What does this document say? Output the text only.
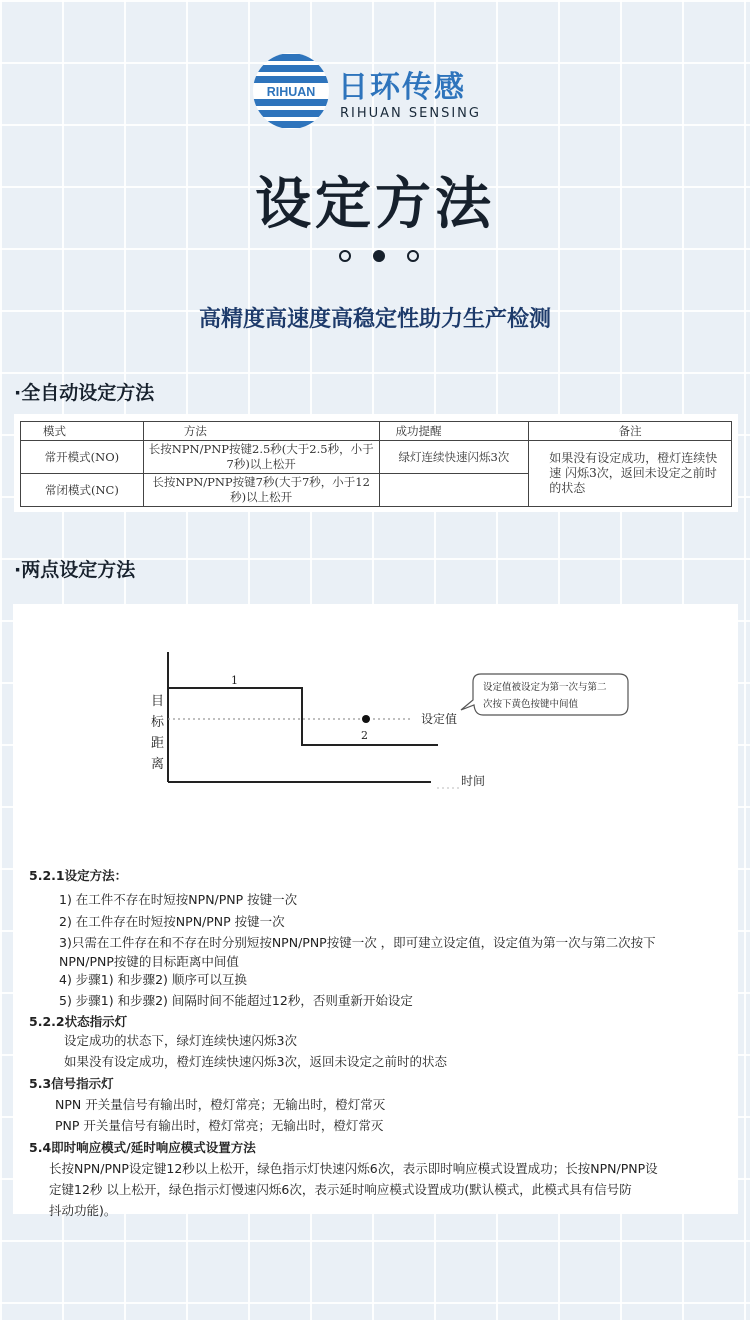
RIHUAN 日环传感
RIHUAN SENSING
设定方法
高精度高速度高稳定性助力生产检测
·全自动设定方法
模式	方法	成功提醒	备注
常开模式(NO)	长按NPN/PNP按键2.5秒(大于2.5秒，小于7秒)以上松开	绿灯连续快速闪烁3次	如果没有设定成功，橙灯连续快速 闪烁3次，返回未设定之前时的状态
常闭模式(NC)	长按NPN/PNP按键7秒(大于7秒，小于12秒)以上松开		
·两点设定方法
目
标
距
离
1
2
设定值
时间
设定值被设定为第一次与第二
次按下黄色按键中间值
5.2.1设定方法：
1) 在工件不存在时短按NPN/PNP 按键一次
2) 在工件存在时短按NPN/PNP 按键一次
3)只需在工件存在和不存在时分别短按NPN/PNP按键一次 ，即可建立设定值，设定值为第一次与第二次按下
NPN/PNP按键的目标距离中间值
4) 步骤1) 和步骤2) 顺序可以互换
5) 步骤1) 和步骤2) 间隔时间不能超过12秒，否则重新开始设定
5.2.2状态指示灯
设定成功的状态下，绿灯连续快速闪烁3次
如果没有设定成功，橙灯连续快速闪烁3次，返回未设定之前时的状态
5.3信号指示灯
NPN 开关量信号有输出时，橙灯常亮；无输出时，橙灯常灭
PNP 开关量信号有输出时，橙灯常亮；无输出时，橙灯常灭
5.4即时响应模式/延时响应模式设置方法
长按NPN/PNP设定键12秒以上松开，绿色指示灯快速闪烁6次，表示即时响应模式设置成功；长按NPN/PNP设
定键12秒 以上松开，绿色指示灯慢速闪烁6次，表示延时响应模式设置成功(默认模式，此模式具有信号防
抖动功能)。
